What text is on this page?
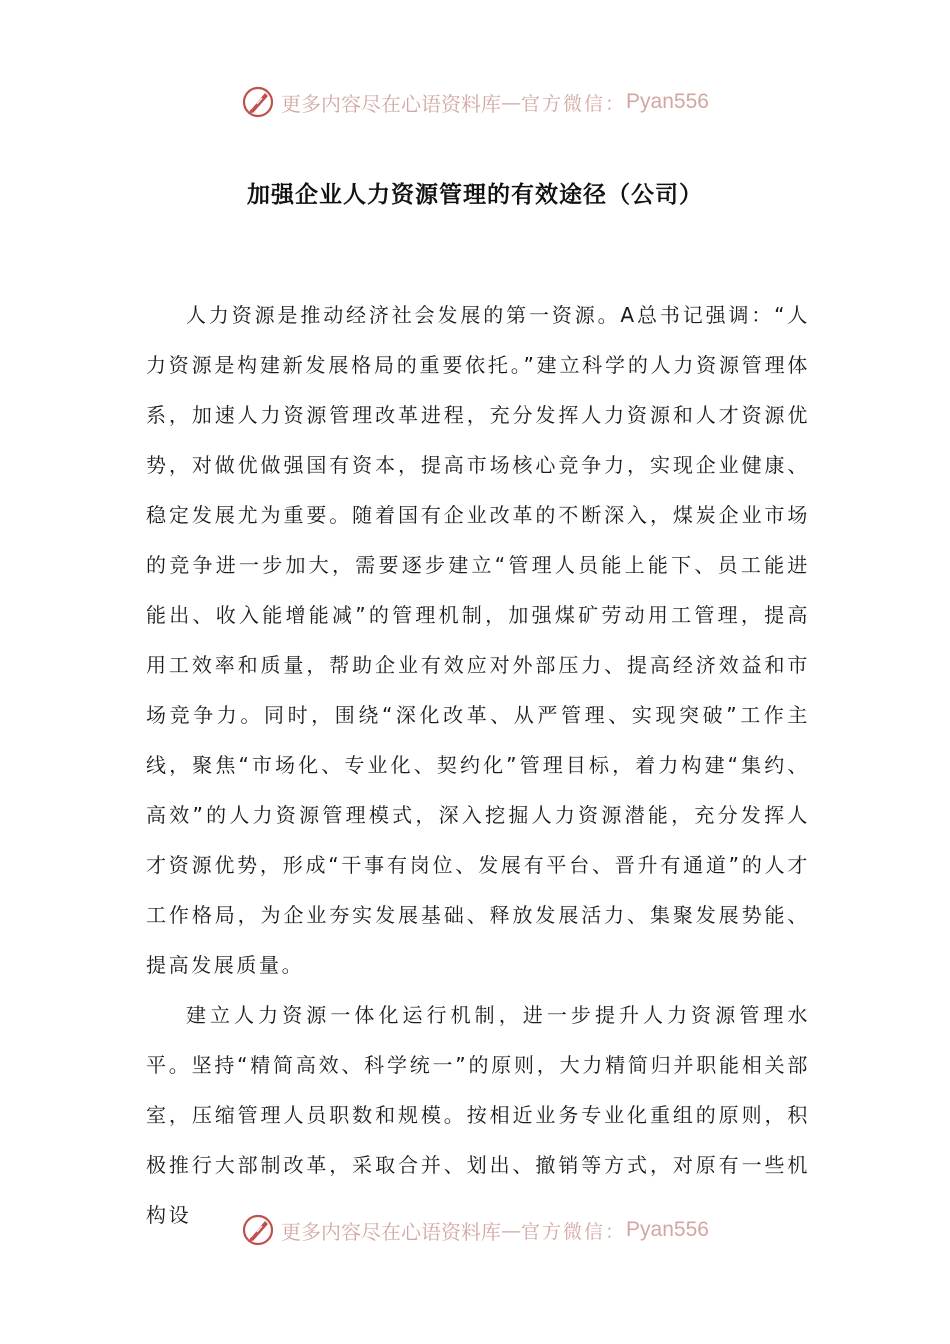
更多内容尽在心语资料库 — 官方微信： Pyan556
加强企业人力资源管理的有效途径（公司）

人力资源是推动经济社会发展的第一资源。A总书记强调：“人力资源是构建新发展格局的重要依托。”建立科学的人力资源管理体系，加速人力资源管理改革进程，充分发挥人力资源和人才资源优势，对做优做强国有资本，提高市场核心竞争力，实现企业健康、稳定发展尤为重要。随着国有企业改革的不断深入，煤炭企业市场的竞争进一步加大，需要逐步建立“管理人员能上能下、员工能进能出、收入能增能减”的管理机制，加强煤矿劳动用工管理，提高用工效率和质量，帮助企业有效应对外部压力、提高经济效益和市场竞争力。同时，围绕“深化改革、从严管理、实现突破”工作主线，聚焦“市场化、专业化、契约化”管理目标，着力构建“集约、高效”的人力资源管理模式，深入挖掘人力资源潜能，充分发挥人才资源优势，形成“干事有岗位、发展有平台、晋升有通道”的人才工作格局，为企业夯实发展基础、释放发展活力、集聚发展势能、提高发展质量。

建立人力资源一体化运行机制，进一步提升人力资源管理水平。坚持“精简高效、科学统一”的原则，大力精简归并职能相关部室，压缩管理人员职数和规模。按相近业务专业化重组的原则，积极推行大部制改革，采取合并、划出、撤销等方式，对原有一些机构设

更多内容尽在心语资料库 — 官方微信： Pyan556
